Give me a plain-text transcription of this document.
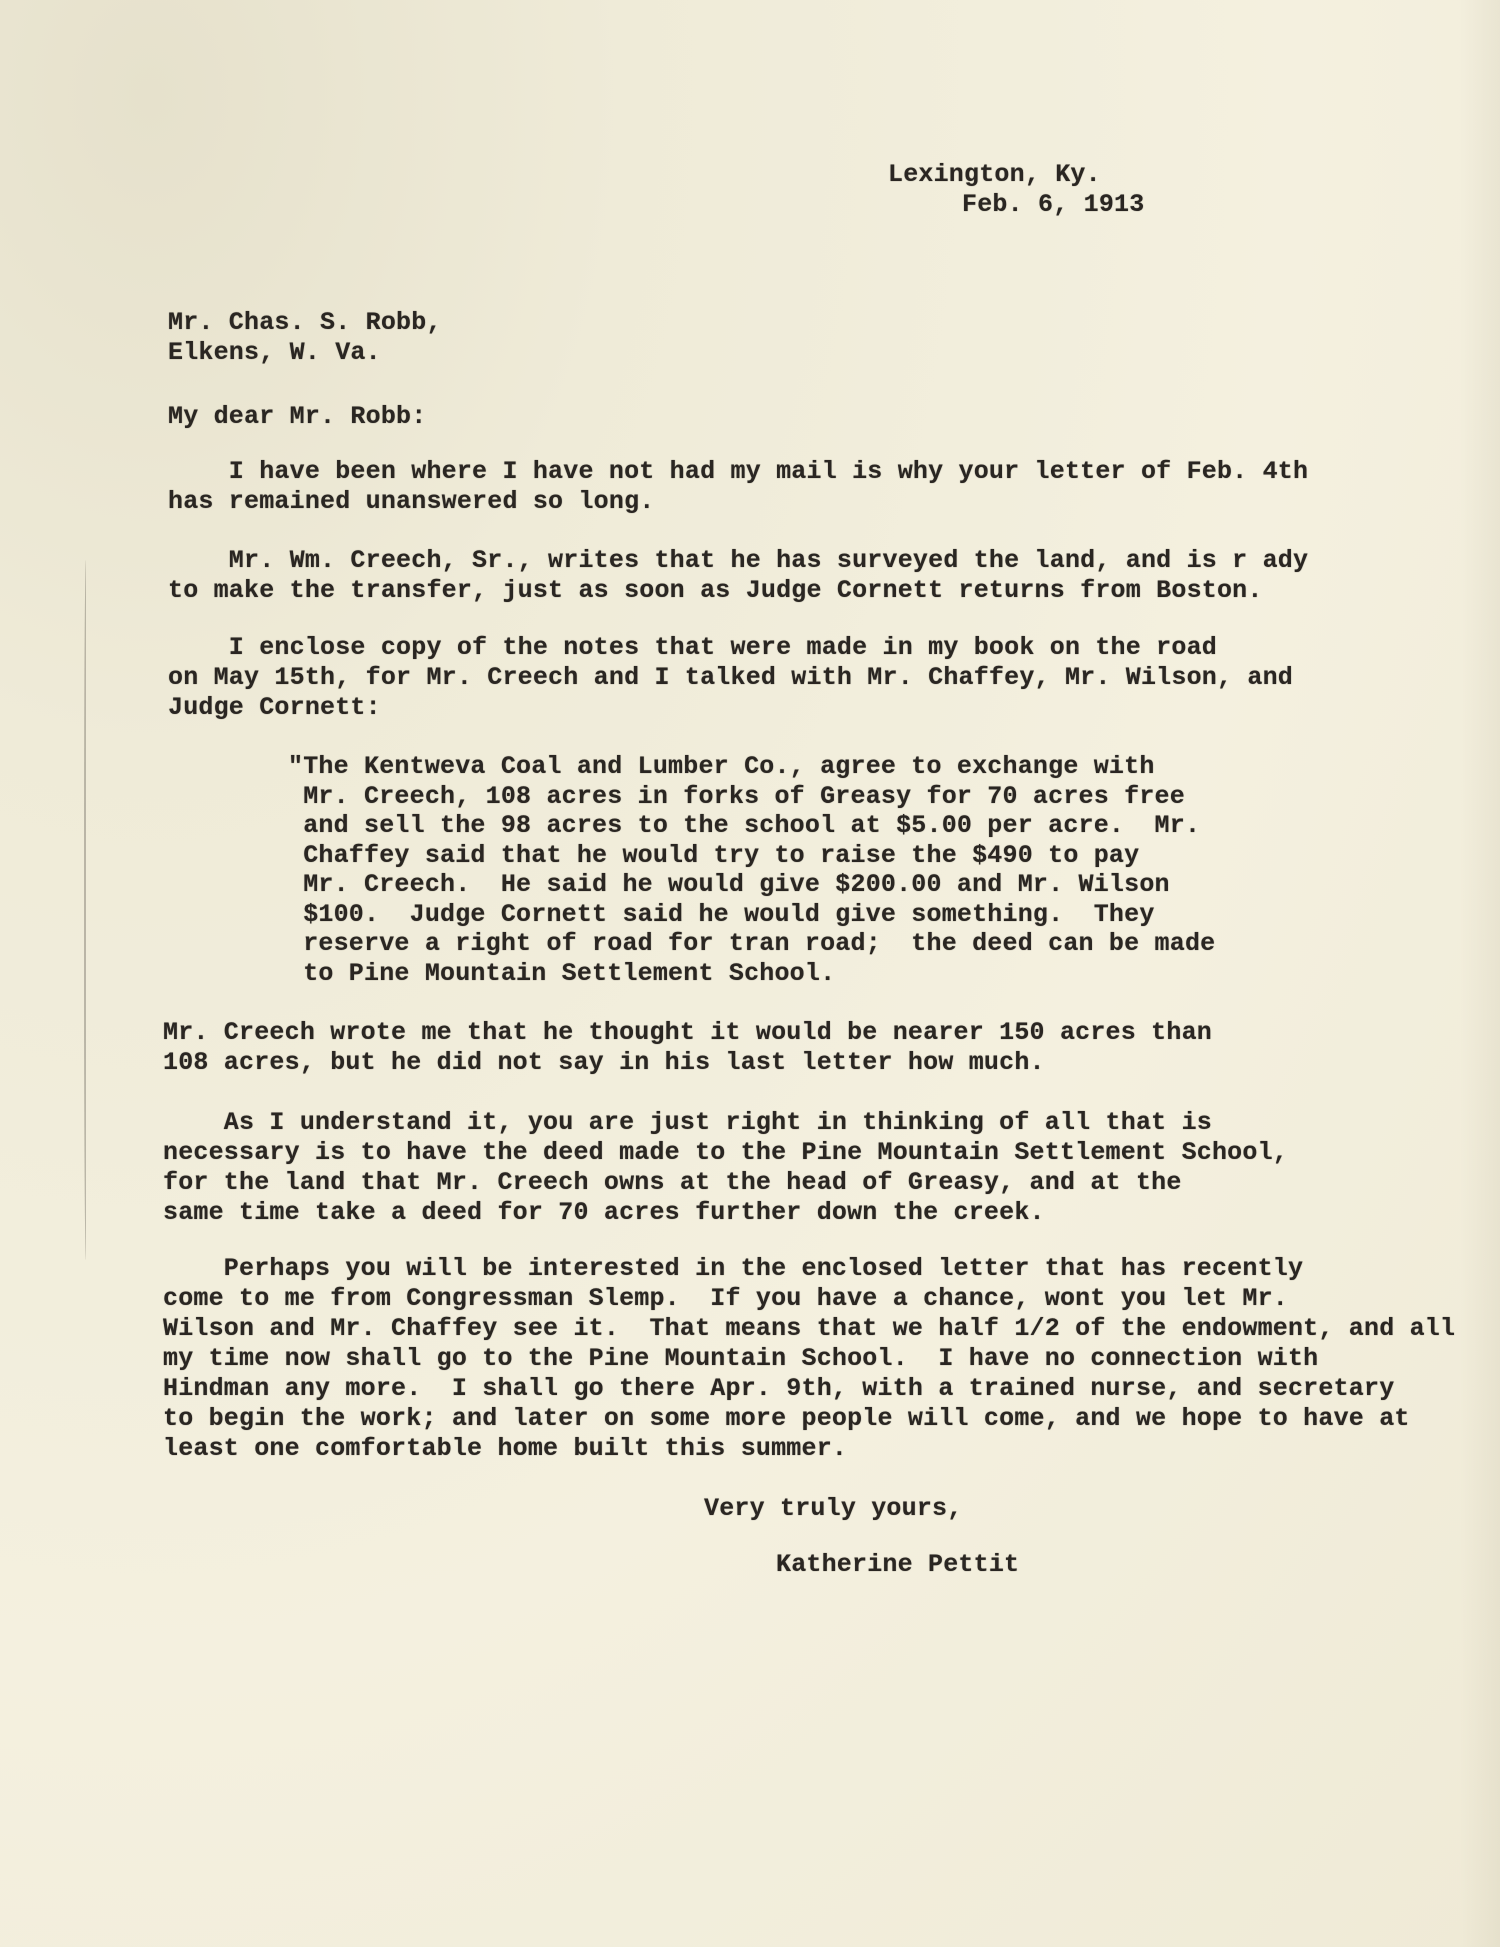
Lexington, Ky.
Feb. 6, 1913
Mr. Chas. S. Robb,
Elkens, W. Va.
My dear Mr. Robb:
I have been where I have not had my mail is why your letter of Feb. 4th
has remained unanswered so long.
Mr. Wm. Creech, Sr., writes that he has surveyed the land, and is r ady
to make the transfer, just as soon as Judge Cornett returns from Boston.
I enclose copy of the notes that were made in my book on the road
on May 15th, for Mr. Creech and I talked with Mr. Chaffey, Mr. Wilson, and
Judge Cornett:
"The Kentweva Coal and Lumber Co., agree to exchange with
Mr. Creech, 108 acres in forks of Greasy for 70 acres free
and sell the 98 acres to the school at $5.00 per acre.  Mr.
Chaffey said that he would try to raise the $490 to pay
Mr. Creech.  He said he would give $200.00 and Mr. Wilson
$100.  Judge Cornett said he would give something.  They
reserve a right of road for tran road;  the deed can be made
to Pine Mountain Settlement School.
Mr. Creech wrote me that he thought it would be nearer 150 acres than
108 acres, but he did not say in his last letter how much.
As I understand it, you are just right in thinking of all that is
necessary is to have the deed made to the Pine Mountain Settlement School,
for the land that Mr. Creech owns at the head of Greasy, and at the
same time take a deed for 70 acres further down the creek.
Perhaps you will be interested in the enclosed letter that has recently
come to me from Congressman Slemp.  If you have a chance, wont you let Mr.
Wilson and Mr. Chaffey see it.  That means that we half 1/2 of the endowment, and all
my time now shall go to the Pine Mountain School.  I have no connection with
Hindman any more.  I shall go there Apr. 9th, with a trained nurse, and secretary
to begin the work; and later on some more people will come, and we hope to have at
least one comfortable home built this summer.
Very truly yours,
Katherine Pettit
